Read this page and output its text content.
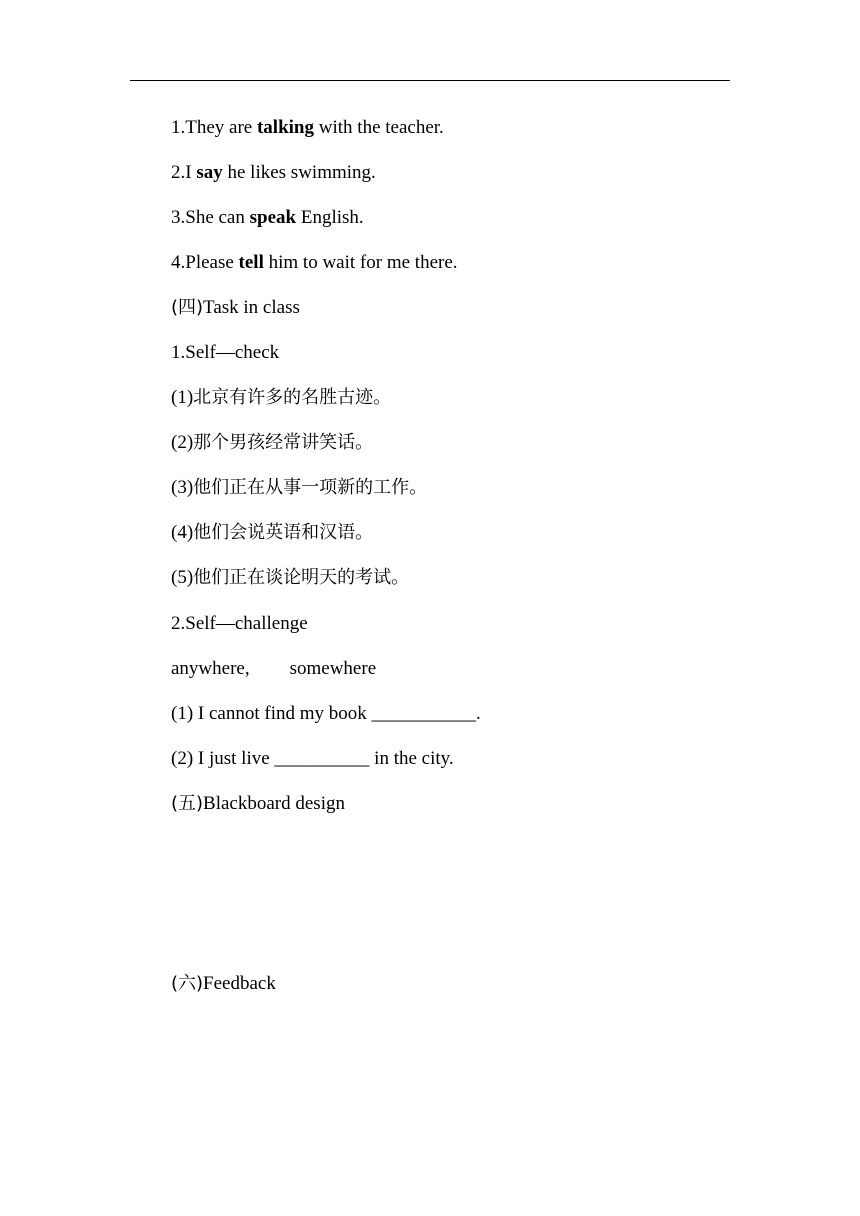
1.They are talking with the teacher.
2.I say he likes swimming.
3.She can speak English.
4.Please tell him to wait for me there.
(四)Task in class
1.Self—check
(1)北京有许多的名胜古迹。
(2)那个男孩经常讲笑话。
(3)他们正在从事一项新的工作。
(4)他们会说英语和汉语。
(5)他们正在谈论明天的考试。
2.Self—challenge
anywhere, somewhere
(1) I cannot find my book ___________.
(2) I just live __________ in the city.
(五)Blackboard design
(六)Feedback
